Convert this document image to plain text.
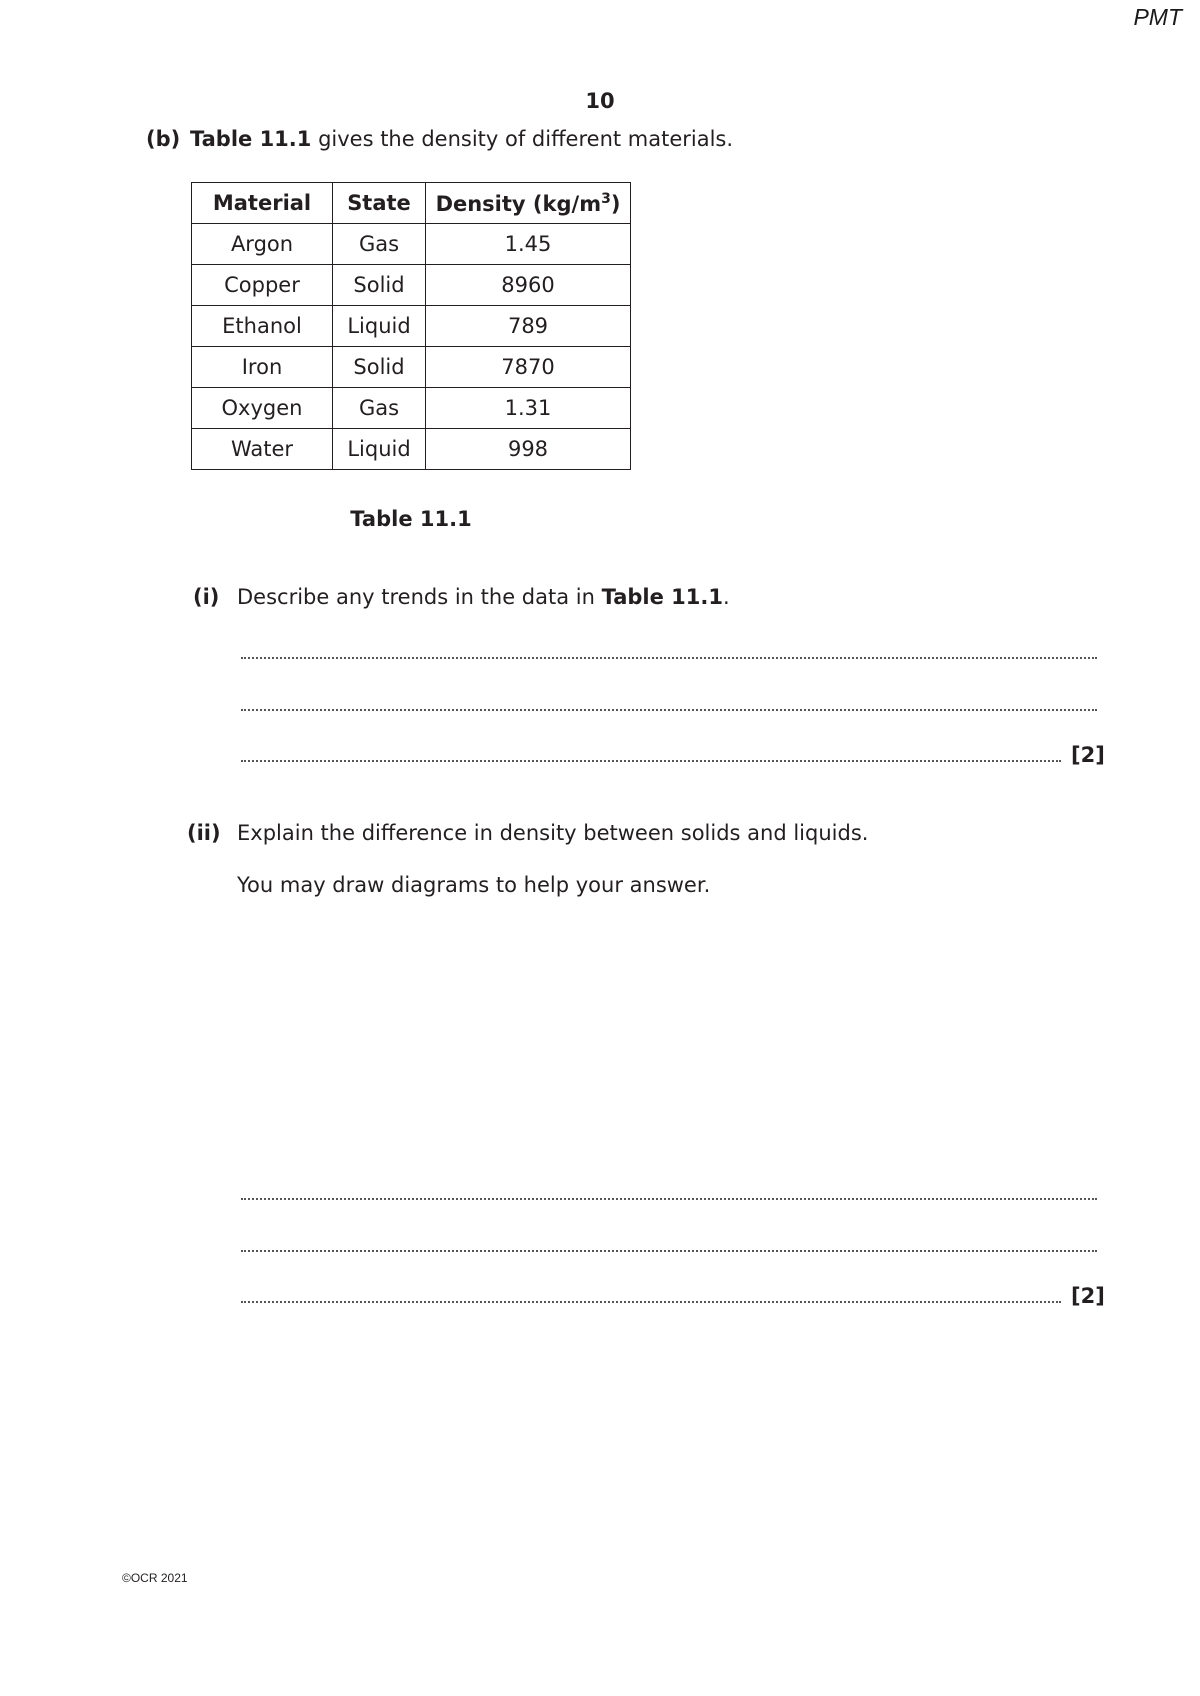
PMT
10
(b) Table 11.1 gives the density of different materials.
Material	State	Density $(kg/m^3)$
Argon	Gas	1.45
Copper	Solid	8960
Ethanol	Liquid	789
Iron	Solid	7870
Oxygen	Gas	1.31
Water	Liquid	998
Table 11.1
(i) Describe any trends in the data in Table 11.1.
[2]
(ii) Explain the difference in density between solids and liquids.
You may draw diagrams to help your answer.
[2]
©OCR 2021
